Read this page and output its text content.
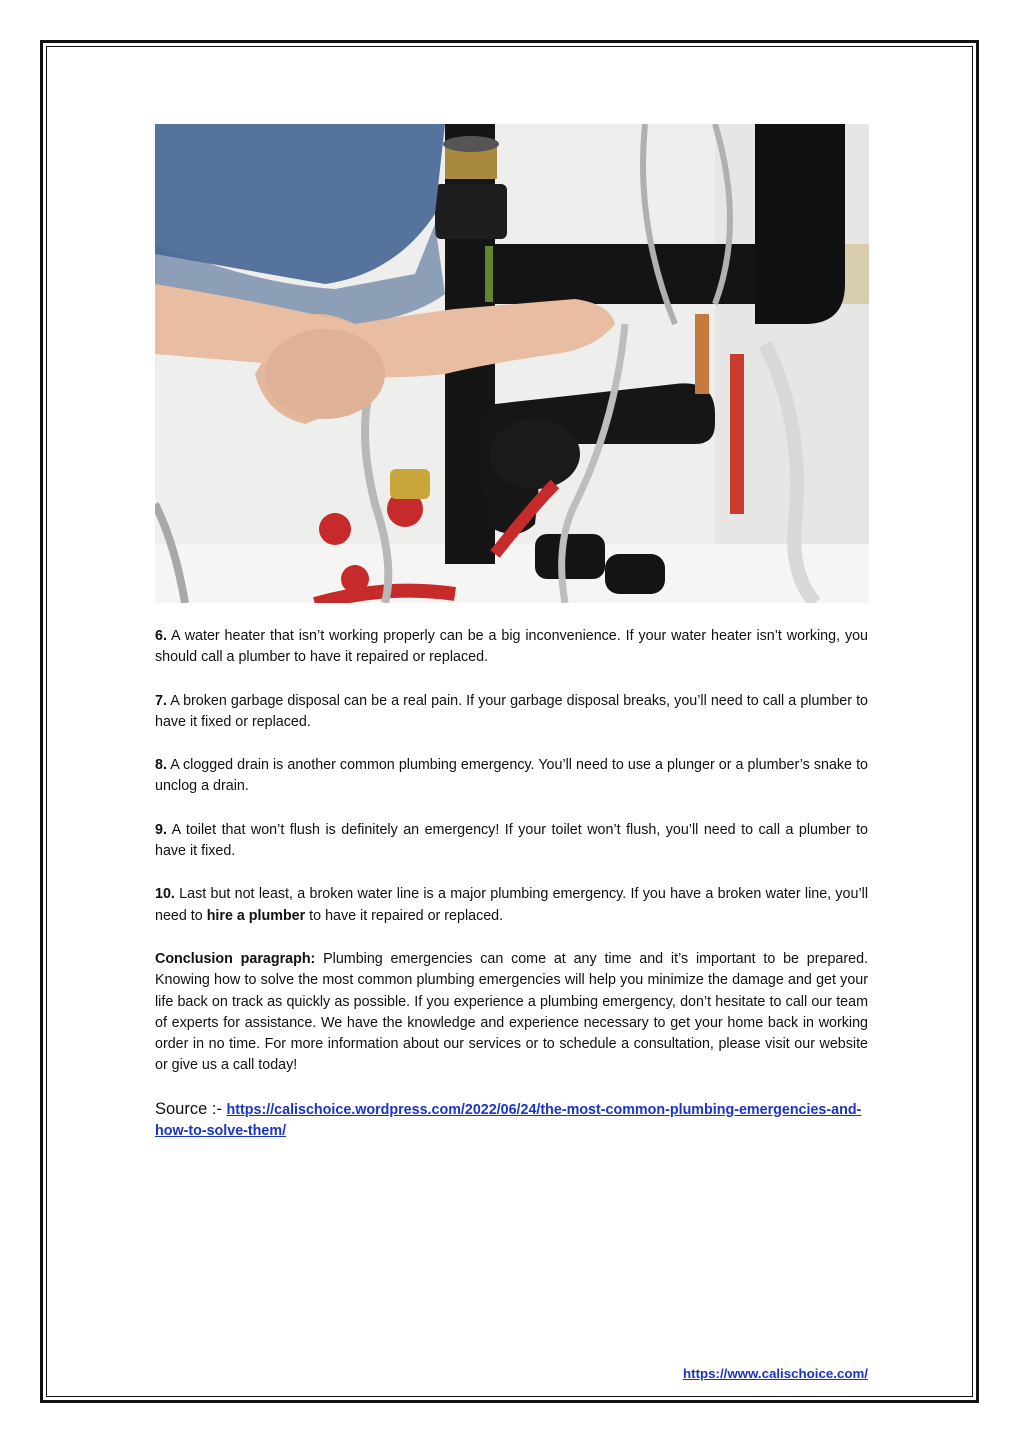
6. A water heater that isn’t working properly can be a big inconvenience. If your water heater isn’t working, you should call a plumber to have it repaired or replaced.

7. A broken garbage disposal can be a real pain. If your garbage disposal breaks, you’ll need to call a plumber to have it fixed or replaced.

8. A clogged drain is another common plumbing emergency. You’ll need to use a plunger or a plumber’s snake to unclog a drain.

9. A toilet that won’t flush is definitely an emergency! If your toilet won’t flush, you’ll need to call a plumber to have it fixed.

10. Last but not least, a broken water line is a major plumbing emergency. If you have a broken water line, you’ll need to hire a plumber to have it repaired or replaced.

Conclusion paragraph: Plumbing emergencies can come at any time and it’s important to be prepared. Knowing how to solve the most common plumbing emergencies will help you minimize the damage and get your life back on track as quickly as possible. If you experience a plumbing emergency, don’t hesitate to call our team of experts for assistance. We have the knowledge and experience necessary to get your home back in working order in no time. For more information about our services or to schedule a consultation, please visit our website or give us a call today!

Source :- https://calischoice.wordpress.com/2022/06/24/the-most-common-plumbing-emergencies-and-how-to-solve-them/
https://www.calischoice.com/
